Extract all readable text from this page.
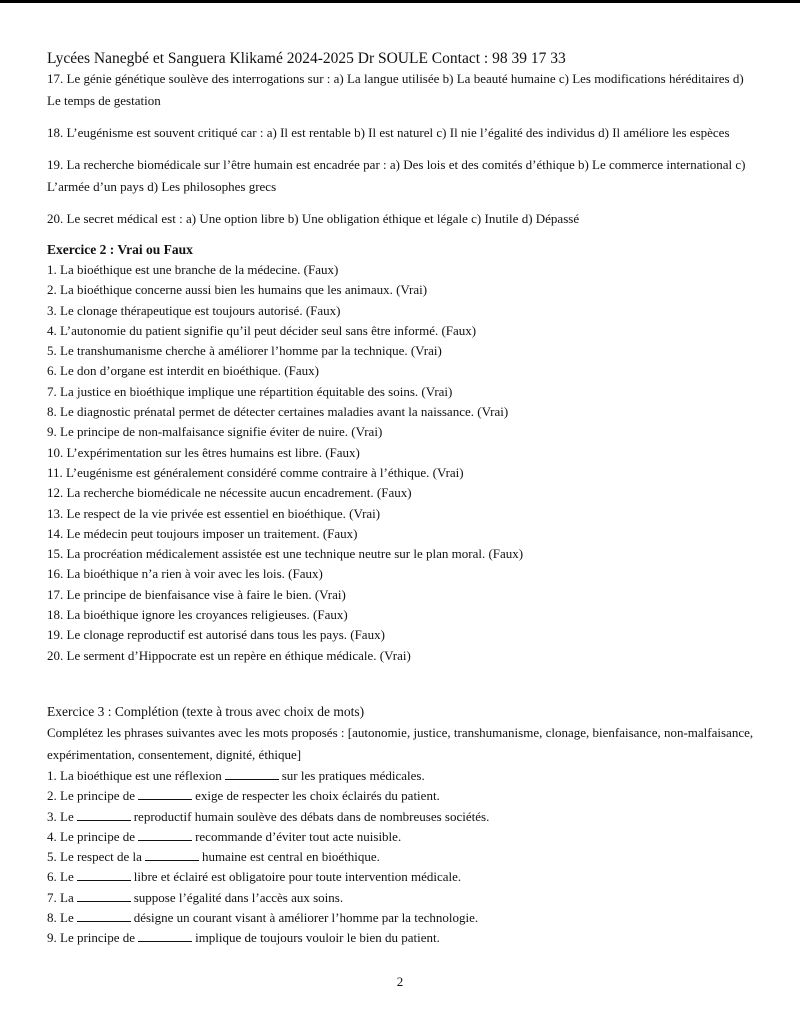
Lycées Nanegbé et Sanguera Klikamé 2024-2025 Dr SOULE Contact : 98 39 17 33

17. Le génie génétique soulève des interrogations sur : a) La langue utilisée b) La beauté humaine c) Les modifications héréditaires d) Le temps de gestation

18. L’eugénisme est souvent critiqué car : a) Il est rentable b) Il est naturel c) Il nie l’égalité des individus d) Il améliore les espèces

19. La recherche biomédicale sur l’être humain est encadrée par : a) Des lois et des comités d’éthique b) Le commerce international c) L’armée d’un pays d) Les philosophes grecs

20. Le secret médical est : a) Une option libre b) Une obligation éthique et légale c) Inutile d) Dépassé

Exercice 2 : Vrai ou Faux

1. La bioéthique est une branche de la médecine. (Faux)
2. La bioéthique concerne aussi bien les humains que les animaux. (Vrai)
3. Le clonage thérapeutique est toujours autorisé. (Faux)
4. L’autonomie du patient signifie qu’il peut décider seul sans être informé. (Faux)
5. Le transhumanisme cherche à améliorer l’homme par la technique. (Vrai)
6. Le don d’organe est interdit en bioéthique. (Faux)
7. La justice en bioéthique implique une répartition équitable des soins. (Vrai)
8. Le diagnostic prénatal permet de détecter certaines maladies avant la naissance. (Vrai)
9. Le principe de non-malfaisance signifie éviter de nuire. (Vrai)
10. L’expérimentation sur les êtres humains est libre. (Faux)
11. L’eugénisme est généralement considéré comme contraire à l’éthique. (Vrai)
12. La recherche biomédicale ne nécessite aucun encadrement. (Faux)
13. Le respect de la vie privée est essentiel en bioéthique. (Vrai)
14. Le médecin peut toujours imposer un traitement. (Faux)
15. La procréation médicalement assistée est une technique neutre sur le plan moral. (Faux)
16. La bioéthique n’a rien à voir avec les lois. (Faux)
17. Le principe de bienfaisance vise à faire le bien. (Vrai)
18. La bioéthique ignore les croyances religieuses. (Faux)
19. Le clonage reproductif est autorisé dans tous les pays. (Faux)
20. Le serment d’Hippocrate est un repère en éthique médicale. (Vrai)

Exercice 3 : Complétion (texte à trous avec choix de mots)

Complétez les phrases suivantes avec les mots proposés : [autonomie, justice, transhumanisme, clonage, bienfaisance, non-malfaisance, expérimentation, consentement, dignité, éthique]

1. La bioéthique est une réflexion	sur les pratiques médicales.
2. Le principe de	exige de respecter les choix éclairés du patient.
3. Le	reproductif humain soulève des débats dans de nombreuses sociétés.
4. Le principe de	recommande d’éviter tout acte nuisible.
5. Le respect de la	humaine est central en bioéthique.
6. Le	libre et éclairé est obligatoire pour toute intervention médicale.
7. La	suppose l’égalité dans l’accès aux soins.
8. Le	désigne un courant visant à améliorer l’homme par la technologie.
9. Le principe de	implique de toujours vouloir le bien du patient.
2
